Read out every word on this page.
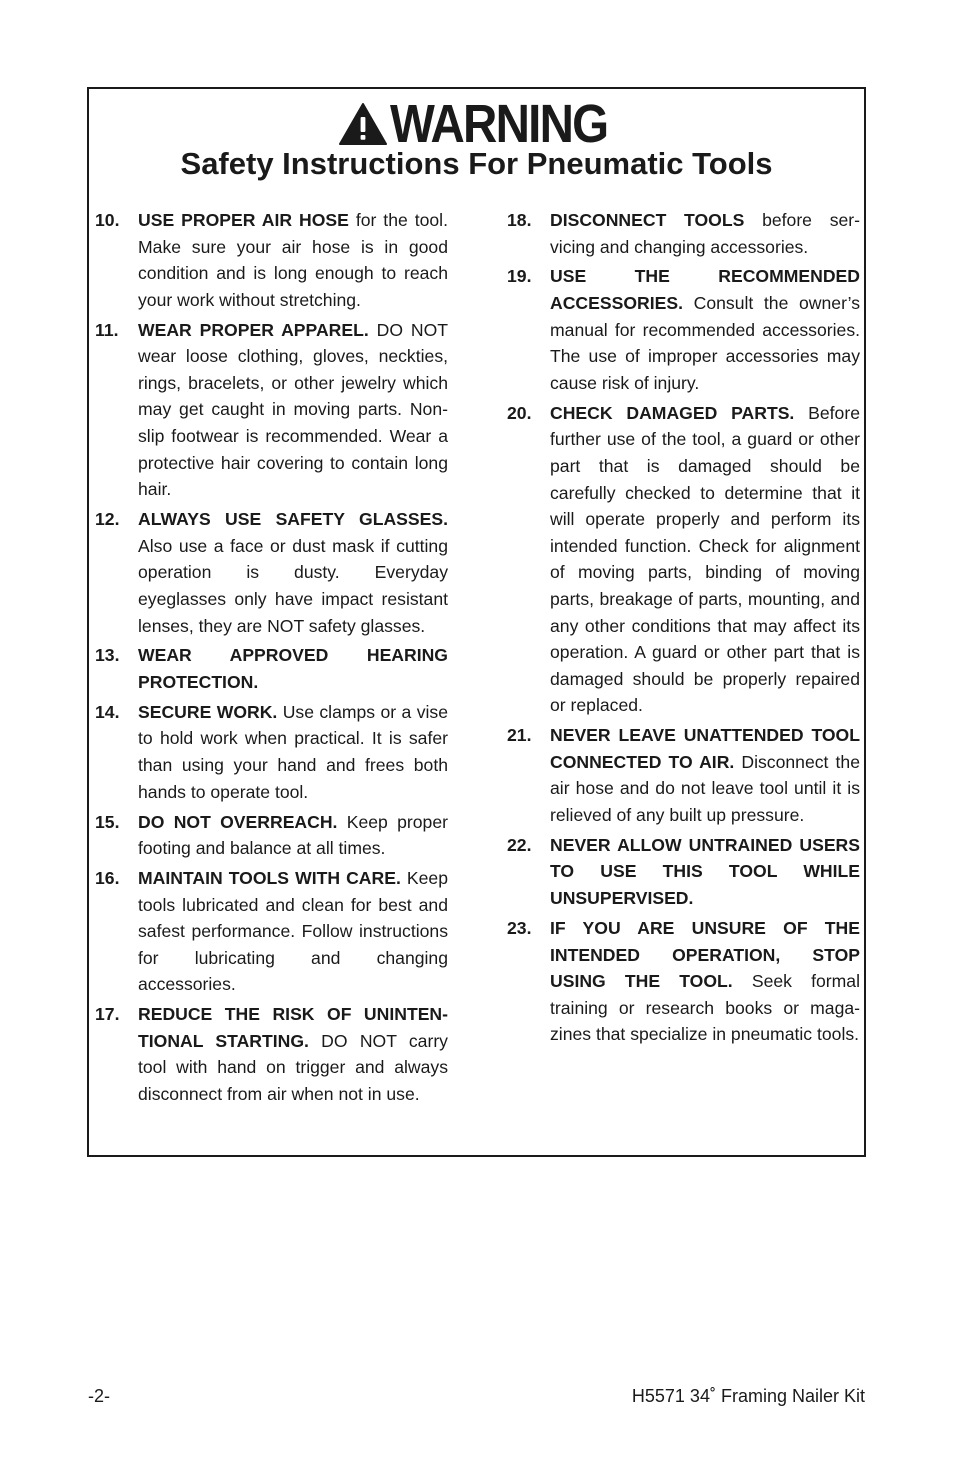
WARNING
Safety Instructions For Pneumatic Tools
10.	USE PROPER AIR HOSE for the tool. Make sure your air hose is in good condition and is long enough to reach your work without stretching.
11.	WEAR PROPER APPAREL. DO NOT wear loose clothing, gloves, neckties, rings, bracelets, or other jewelry which may get caught in moving parts. Non-slip footwear is recommended. Wear a protective hair covering to contain long hair.
12.	ALWAYS USE SAFETY GLASSES. Also use a face or dust mask if cutting operation is dusty. Everyday eyeglasses only have impact resistant lenses, they are NOT safety glasses.
13.	WEAR APPROVED HEARING PROTECTION.
14.	SECURE WORK. Use clamps or a vise to hold work when practical. It is safer than using your hand and frees both hands to operate tool.
15.	DO NOT OVERREACH. Keep proper footing and balance at all times.
16.	MAINTAIN TOOLS WITH CARE. Keep tools lubricated and clean for best and safest performance. Follow instructions for lubricating and changing accessories.
17.	REDUCE THE RISK OF UNINTENTIONAL STARTING. DO NOT carry tool with hand on trigger and always disconnect from air when not in use.
18.	DISCONNECT TOOLS before servicing and changing accessories.
19.	USE THE RECOMMENDED ACCESSORIES. Consult the owner’s manual for recommended accessories. The use of improper accessories may cause risk of injury.
20.	CHECK DAMAGED PARTS. Before further use of the tool, a guard or other part that is damaged should be carefully checked to determine that it will operate properly and perform its intended function. Check for alignment of moving parts, binding of moving parts, breakage of parts, mounting, and any other conditions that may affect its operation. A guard or other part that is damaged should be properly repaired or replaced.
21.	NEVER LEAVE UNATTENDED TOOL CONNECTED TO AIR. Disconnect the air hose and do not leave tool until it is relieved of any built up pressure.
22.	NEVER ALLOW UNTRAINED USERS TO USE THIS TOOL WHILE UNSUPERVISED.
23.	IF YOU ARE UNSURE OF THE INTENDED OPERATION, STOP USING THE TOOL. Seek formal training or research books or magazines that specialize in pneumatic tools.
-2-	H5571 34˚ Framing Nailer Kit
